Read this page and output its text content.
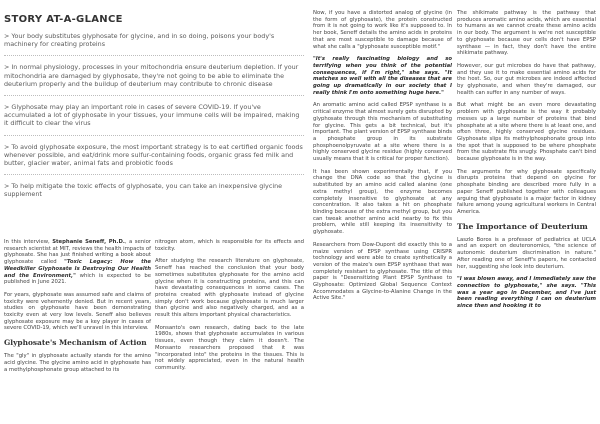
STORY AT-A-GLANCE

> Your body substitutes glyphosate for glycine, and in so doing, poisons your body's machinery for creating proteins

> In normal physiology, processes in your mitochondria ensure deuterium depletion. If your mitochondria are damaged by glyphosate, they're not going to be able to eliminate the deuterium properly and the buildup of deuterium may contribute to chronic disease

> Glyphosate may play an important role in cases of severe COVID-19. If you've accumulated a lot of glyphosate in your tissues, your immune cells will be impaired, making it difficult to clear the virus

> To avoid glyphosate exposure, the most important strategy is to eat certified organic foods whenever possible, and eat/drink more sulfur-containing foods, organic grass fed milk and butter, glacier water, animal fats and probiotic foods

> To help mitigate the toxic effects of glyphosate, you can take an inexpensive glycine supplement

In this interview, Stephanie Seneff, Ph.D., a senior research scientist at MIT, reviews the health impacts of glyphosate. She has just finished writing a book about glyphosate called "Toxic Legacy: How the Weedkiller Glyphosate Is Destroying Our Health and the Environment," which is expected to be published in June 2021.

For years, glyphosate was assumed safe and claims of toxicity were vehemently denied. But in recent years, studies on glyphosate have been demonstrating toxicity even at very low levels. Seneff also believes glyphosate exposure may be a key player in cases of severe COVID-19, which we'll unravel in this interview.

Glyphosate's Mechanism of Action

The "gly" in glyphosate actually stands for the amino acid glycine. The glycine amino acid in glyphosate has a methylphosphonate group attached to its

nitrogen atom, which is responsible for its effects and toxicity.

After studying the research literature on glyphosate, Seneff has reached the conclusion that your body sometimes substitutes glyphosate for the amino acid glycine when it is constructing proteins, and this can have devastating consequences in some cases. The proteins created with glyphosate instead of glycine simply don't work because glyphosate is much larger than glycine and also negatively charged, and as a result this alters important physical characteristics.

Monsanto's own research, dating back to the late 1980s, shows that glyphosate accumulates in various tissues, even though they claim it doesn't. The Monsanto researchers proposed that it was "incorporated into" the proteins in the tissues. This is not widely appreciated, even in the natural health community.

Now, if you have a distorted analog of glycine (in the form of glyphosate), the protein constructed from it is not going to work like it's supposed to. In her book, Seneff details the amino acids in proteins that are most susceptible to damage because of what she calls a "glyphosate susceptible motif."

"It's really fascinating biology and so terrifying when you think of the potential consequences, if I'm right," she says. "It matches so well with all the diseases that are going up dramatically in our society that I really think I'm onto something huge here."

An aromatic amino acid called EPSP synthase is a critical enzyme that almost surely gets disrupted by glyphosate through this mechanism of substituting for glycine. This gets a bit technical, but it's important. The plant version of EPSP synthase binds a phosphate group in its substrate phosphoenolpyruvate at a site where there is a highly conserved glycine residue (highly conserved usually means that it is critical for proper function).

It has been shown experimentally that, if you change the DNA code so that the glycine is substituted by an amino acid called alanine (one extra methyl group), the enzyme becomes completely insensitive to glyphosate at any concentration. It also takes a hit on phosphate binding because of the extra methyl group, but you can tweak another amino acid nearby to fix this problem, while still keeping its insensitivity to glyphosate.

Researchers from Dow-Dupont did exactly this to a maize version of EPSP synthase using CRISPR technology and were able to create synthetically a version of the maize's own EPSP synthase that was completely resistant to glyphosate. The title of this paper is "Desensitizing Plant EPSP Synthase to Glyphosate: Optimized Global Sequence Context Accommodates a Glycine-to-Alanine Change in the Active Site."

The shikimate pathway is the pathway that produces aromatic amino acids, which are essential to humans as we cannot create these amino acids in our body. The argument is we're not susceptible to glyphosate because our cells don't have EPSP synthase — in fact, they don't have the entire shikimate pathway.

However, our gut microbes do have that pathway, and they use it to make essential amino acids for the host. So, our gut microbes are indeed affected by glyphosate, and when they're damaged, our health can suffer in any number of ways.

But what might be an even more devastating problem with glyphosate is the way it probably messes up a large number of proteins that bind phosphate at a site where there is at least one, and often three, highly conserved glycine residues. Glyphosate slips its methylphosphonate group into the spot that is supposed to be where phosphate from the substrate fits snugly. Phosphate can't bind because glyphosate is in the way.

The arguments for why glyphosate specifically disrupts proteins that depend on glycine for phosphate binding are described more fully in a paper Seneff published together with colleagues arguing that glyphosate is a major factor in kidney failure among young agricultural workers in Central America.

The Importance of Deuterium

Laszlo Boros is a professor of pediatrics at UCLA and an expert on deuteronomics, "the science of autonomic deuterium discrimination in nature." After reading one of Seneff's papers, he contacted her, suggesting she look into deuterium.

"I was blown away, and I immediately saw the connection to glyphosate," she says. "This was a year ago in December, and I've just been reading everything I can on deuterium since then and hooking it to
